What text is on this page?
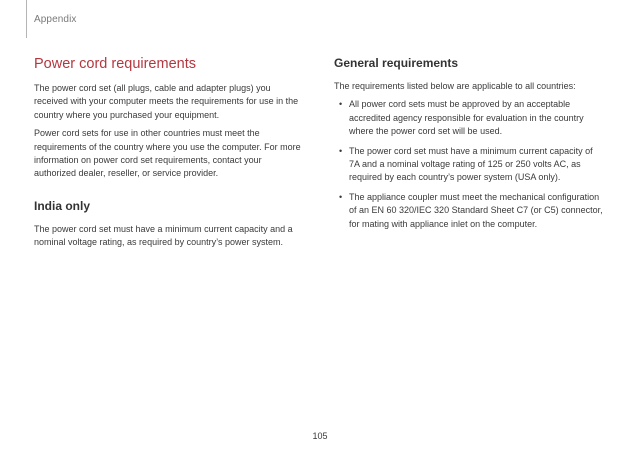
Appendix
Power cord requirements

The power cord set (all plugs, cable and adapter plugs) you received with your computer meets the requirements for use in the country where you purchased your equipment.

Power cord sets for use in other countries must meet the requirements of the country where you use the computer. For more information on power cord set requirements, contact your authorized dealer, reseller, or service provider.

India only

The power cord set must have a minimum current capacity and a nominal voltage rating, as required by country’s power system.

General requirements

The requirements listed below are applicable to all countries:

• All power cord sets must be approved by an acceptable accredited agency responsible for evaluation in the country where the power cord set will be used.
• The power cord set must have a minimum current capacity of 7A and a nominal voltage rating of 125 or 250 volts AC, as required by each country’s power system (USA only).
• The appliance coupler must meet the mechanical configuration of an EN 60 320/IEC 320 Standard Sheet C7 (or C5) connector, for mating with appliance inlet on the computer.
105
